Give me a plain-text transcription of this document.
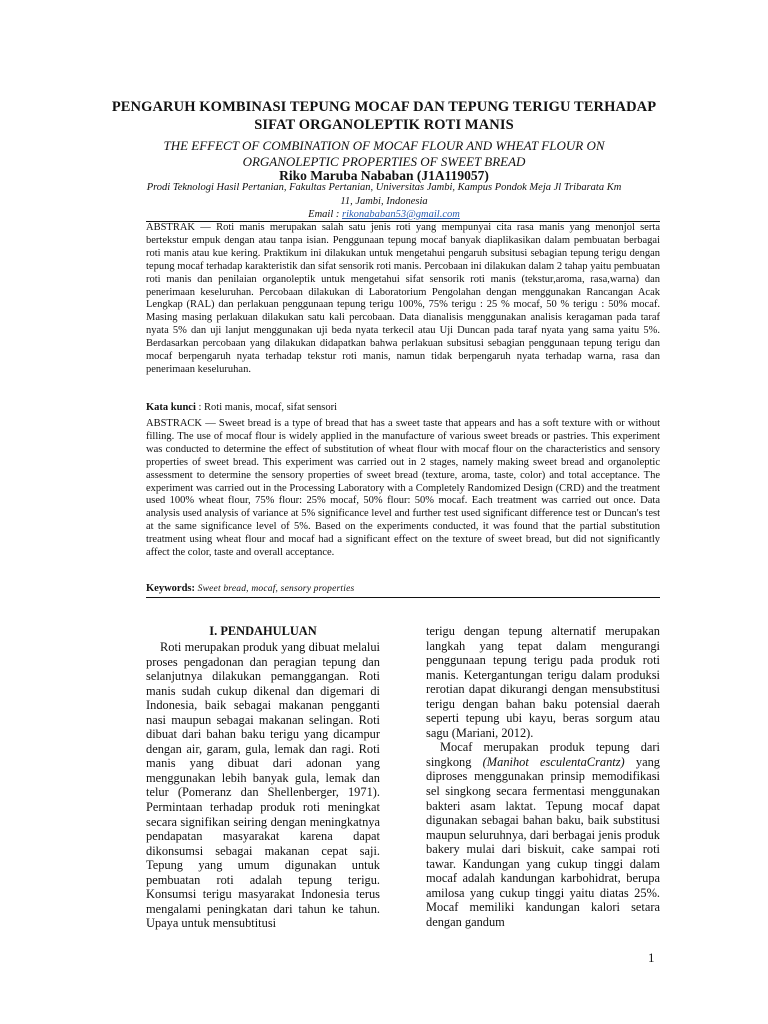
PENGARUH KOMBINASI TEPUNG MOCAF DAN TEPUNG TERIGU TERHADAP SIFAT ORGANOLEPTIK ROTI MANIS
THE EFFECT OF COMBINATION OF MOCAF FLOUR AND WHEAT FLOUR ON ORGANOLEPTIC PROPERTIES OF SWEET BREAD
Riko Maruba Nababan (J1A119057)
Prodi Teknologi Hasil Pertanian, Fakultas Pertanian, Universitas Jambi, Kampus Pondok Meja Jl Tribarata Km 11, Jambi, Indonesia
Email : rikonababan53@gmail.com
ABSTRAK ― Roti manis merupakan salah satu jenis roti yang mempunyai cita rasa manis yang menonjol serta bertekstur empuk dengan atau tanpa isian. Penggunaan tepung mocaf banyak diaplikasikan dalam pembuatan berbagai roti manis atau kue kering. Praktikum ini dilakukan untuk mengetahui pengaruh subsitusi sebagian tepung terigu dengan tepung mocaf terhadap karakteristik dan sifat sensorik roti manis. Percobaan ini dilakukan dalam 2 tahap yaitu pembuatan roti manis dan penilaian organoleptik untuk mengetahui sifat sensorik roti manis (tekstur,aroma, rasa,warna) dan penerimaan keseluruhan. Percobaan dilakukan di Laboratorium Pengolahan dengan menggunakan Rancangan Acak Lengkap (RAL) dan perlakuan penggunaan tepung terigu 100%, 75% terigu : 25 % mocaf, 50 % terigu : 50% mocaf. Masing masing perlakuan dilakukan satu kali percobaan. Data dianalisis menggunakan analisis keragaman pada taraf nyata 5% dan uji lanjut menggunakan uji beda nyata terkecil atau Uji Duncan pada taraf nyata yang sama yaitu 5%. Berdasarkan percobaan yang dilakukan didapatkan bahwa perlakuan subsitusi sebagian penggunaan tepung terigu dan mocaf berpengaruh nyata terhadap tekstur roti manis, namun tidak berpengaruh nyata terhadap warna, rasa dan penerimaan keseluruhan.
Kata kunci : Roti manis, mocaf, sifat sensori
ABSTRACK ― Sweet bread is a type of bread that has a sweet taste that appears and has a soft texture with or without filling. The use of mocaf flour is widely applied in the manufacture of various sweet breads or pastries. This experiment was conducted to determine the effect of substitution of wheat flour with mocaf flour on the characteristics and sensory properties of sweet bread. This experiment was carried out in 2 stages, namely making sweet bread and organoleptic assessment to determine the sensory properties of sweet bread (texture, aroma, taste, color) and total acceptance. The experiment was carried out in the Processing Laboratory with a Completely Randomized Design (CRD) and the treatment used 100% wheat flour, 75% flour: 25% mocaf, 50% flour: 50% mocaf. Each treatment was carried out once. Data analysis used analysis of variance at 5% significance level and further test used significant difference test or Duncan's test at the same significance level of 5%. Based on the experiments conducted, it was found that the partial substitution treatment using wheat flour and mocaf had a significant effect on the texture of sweet bread, but did not significantly affect the color, taste and overall acceptance.
Keywords: Sweet bread, mocaf, sensory properties
I. PENDAHULUAN

Roti merupakan produk yang dibuat melalui proses pengadonan dan peragian tepung dan selanjutnya dilakukan pemanggangan. Roti manis sudah cukup dikenal dan digemari di Indonesia, baik sebagai makanan pengganti nasi maupun sebagai makanan selingan. Roti dibuat dari bahan baku terigu yang dicampur dengan air, garam, gula, lemak dan ragi. Roti manis yang dibuat dari adonan yang menggunakan lebih banyak gula, lemak dan telur (Pomeranz dan Shellenberger, 1971). Permintaan terhadap produk roti meningkat secara signifikan seiring dengan meningkatnya pendapatan masyarakat karena dapat dikonsumsi sebagai makanan cepat saji. Tepung yang umum digunakan untuk pembuatan roti adalah tepung terigu. Konsumsi terigu masyarakat Indonesia terus mengalami peningkatan dari tahun ke tahun. Upaya untuk mensubtitusi

terigu dengan tepung alternatif merupakan langkah yang tepat dalam mengurangi penggunaan tepung terigu pada produk roti manis. Ketergantungan terigu dalam produksi rerotian dapat dikurangi dengan mensubstitusi terigu dengan bahan baku potensial daerah seperti tepung ubi kayu, beras sorgum atau sagu (Mariani, 2012).

Mocaf merupakan produk tepung dari singkong (Manihot esculentaCrantz) yang diproses menggunakan prinsip memodifikasi sel singkong secara fermentasi menggunakan bakteri asam laktat. Tepung mocaf dapat digunakan sebagai bahan baku, baik substitusi maupun seluruhnya, dari berbagai jenis produk bakery mulai dari biskuit, cake sampai roti tawar. Kandungan yang cukup tinggi dalam mocaf adalah kandungan karbohidrat, berupa amilosa yang cukup tinggi yaitu diatas 25%. Mocaf memiliki kandungan kalori setara dengan gandum

1
